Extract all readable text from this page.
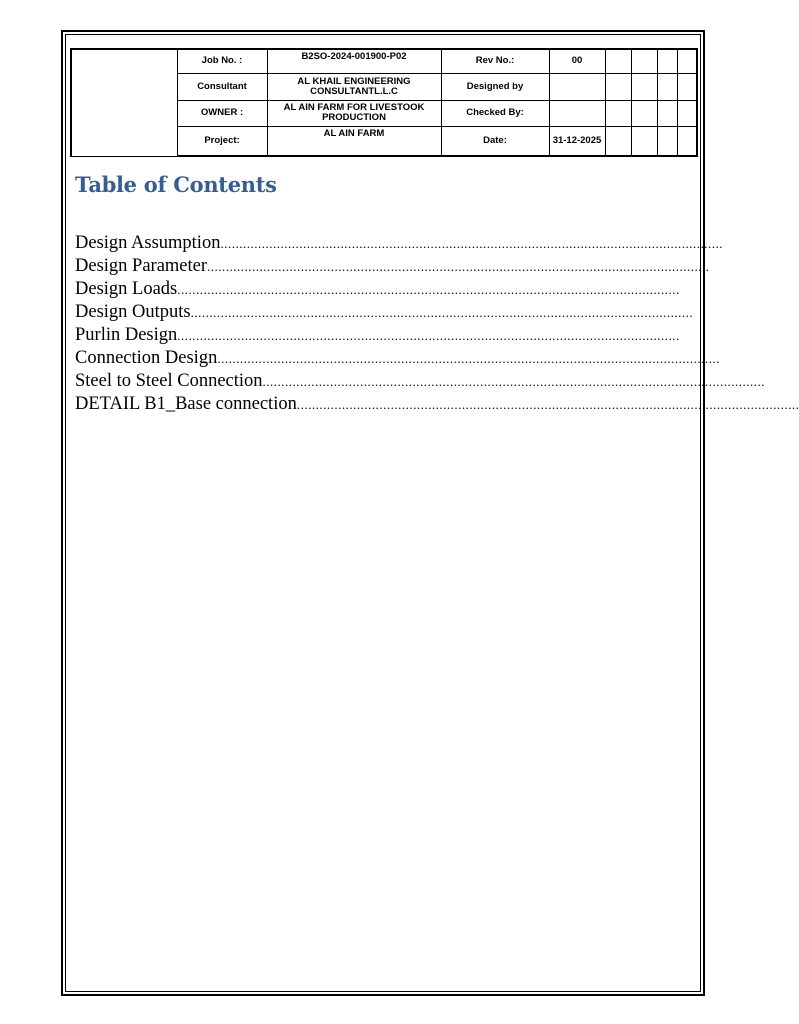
	Job No. :	B2SO-2024-001900-P02	Rev No.:	00				
	Consultant	AL KHAIL ENGINEERING CONSULTANTL.L.C	Designed by					
	OWNER :	AL AIN FARM FOR LIVESTOOK PRODUCTION	Checked By:					
	Project:	AL AIN FARM	Date:	31-12-2025				
Table of Contents
Design Assumption ......................................................................................................................................
Design Parameter ......................................................................................................................................
Design Loads ......................................................................................................................................
Design Outputs ......................................................................................................................................
Purlin Design ......................................................................................................................................
Connection Design ......................................................................................................................................
Steel to Steel Connection ......................................................................................................................................
DETAIL B1_Base connection ......................................................................................................................................
